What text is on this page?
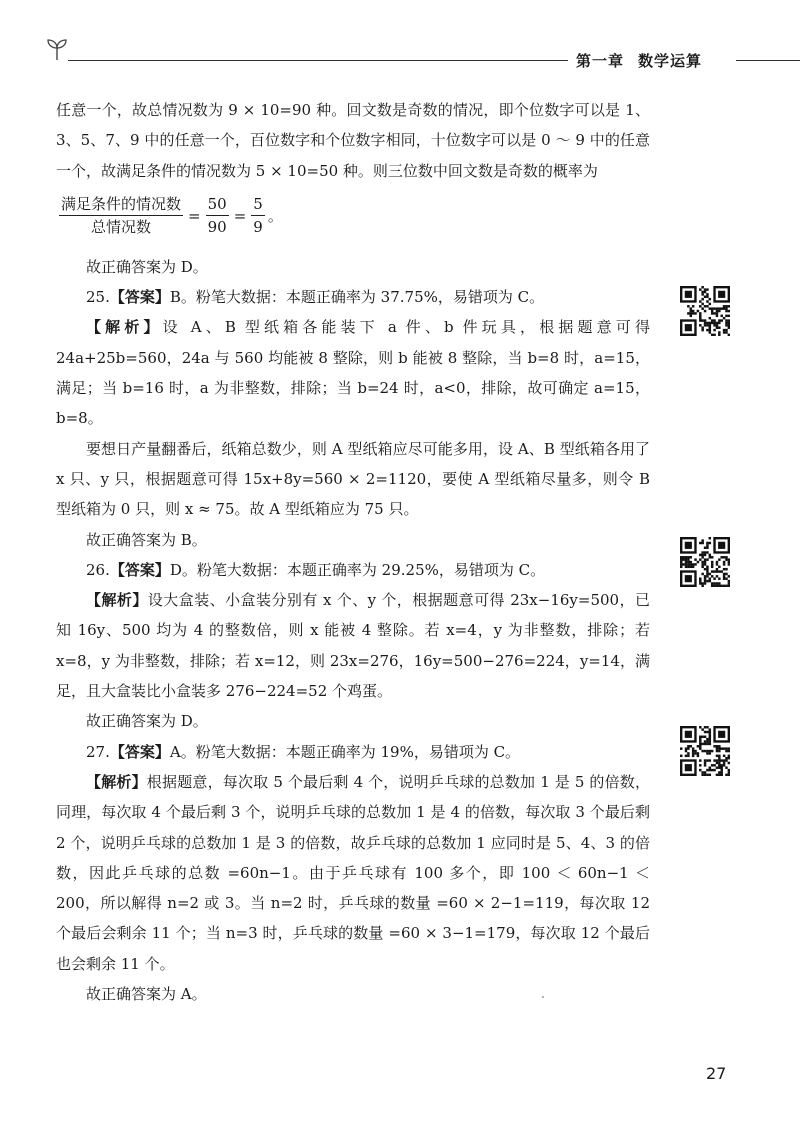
第一章 数学运算

任意一个，故总情况数为 9 × 10=90 种。回文数是奇数的情况，即个位数字可以是 1、3、5、7、9 中的任意一个，百位数字和个位数字相同，十位数字可以是 0 ～ 9 中的任意一个，故满足条件的情况数为 5 × 10=50 种。则三位数中回文数是奇数的概率为

$\frac{\text{满足条件的情况数}}{\text{总情况数}} = \frac{50}{90} = \frac{5}{9}$ 。

故正确答案为 D。

25.【答案】B。粉笔大数据：本题正确率为 37.75%，易错项为 C。

【解析】设 A、B 型纸箱各能装下 a 件、b 件玩具，根据题意可得 24a+25b=560，24a 与 560 均能被 8 整除，则 b 能被 8 整除，当 b=8 时，a=15，满足；当 b=16 时，a 为非整数，排除；当 b=24 时，a<0，排除，故可确定 a=15，b=8。

要想日产量翻番后，纸箱总数少，则 A 型纸箱应尽可能多用，设 A、B 型纸箱各用了 x 只、y 只，根据题意可得 15x+8y=560 × 2=1120，要使 A 型纸箱尽量多，则令 B 型纸箱为 0 只，则 x ≈ 75。故 A 型纸箱应为 75 只。

故正确答案为 B。

26.【答案】D。粉笔大数据：本题正确率为 29.25%，易错项为 C。

【解析】设大盒装、小盒装分别有 x 个、y 个，根据题意可得 23x−16y=500，已知 16y、500 均为 4 的整数倍，则 x 能被 4 整除。若 x=4，y 为非整数，排除；若 x=8，y 为非整数，排除；若 x=12，则 23x=276，16y=500−276=224，y=14，满足，且大盒装比小盒装多 276−224=52 个鸡蛋。

故正确答案为 D。

27.【答案】A。粉笔大数据：本题正确率为 19%，易错项为 C。

【解析】根据题意，每次取 5 个最后剩 4 个，说明乒乓球的总数加 1 是 5 的倍数，同理，每次取 4 个最后剩 3 个，说明乒乓球的总数加 1 是 4 的倍数，每次取 3 个最后剩 2 个，说明乒乓球的总数加 1 是 3 的倍数，故乒乓球的总数加 1 应同时是 5、4、3 的倍数，因此乒乓球的总数 =60n−1。由于乒乓球有 100 多个，即 100 ＜ 60n−1 ＜ 200，所以解得 n=2 或 3。当 n=2 时，乒乓球的数量 =60 × 2−1=119，每次取 12 个最后会剩余 11 个；当 n=3 时，乒乓球的数量 =60 × 3−1=179，每次取 12 个最后也会剩余 11 个。

故正确答案为 A。

27
